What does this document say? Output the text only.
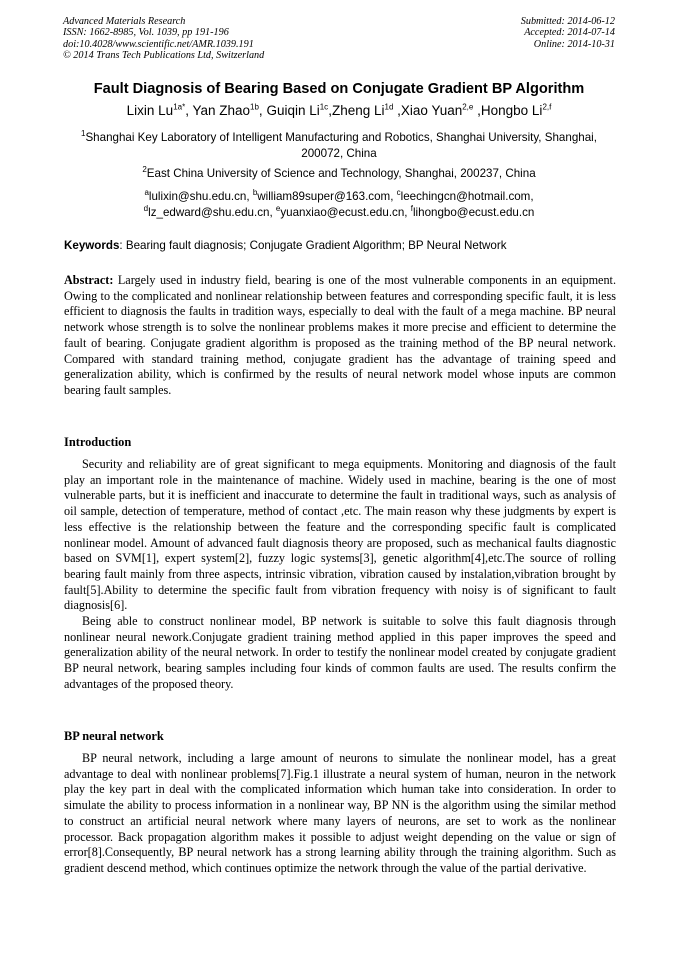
Advanced Materials Research
ISSN: 1662-8985, Vol. 1039, pp 191-196
doi:10.4028/www.scientific.net/AMR.1039.191
© 2014 Trans Tech Publications Ltd, Switzerland
Submitted: 2014-06-12
Accepted: 2014-07-14
Online: 2014-10-31
Fault Diagnosis of Bearing Based on Conjugate Gradient BP Algorithm
Lixin $Lu^{1a*}$, Yan Zhao$^{1b}$, Guiqin $Li^{1c},Zheng$ $Li^{1d}$ ,Xiao Yuan$^{2,e}$ ,Hongbo Li$^{2,f}$
$^1$Shanghai Key Laboratory of Intelligent Manufacturing and Robotics, Shanghai University, Shanghai, 200072, China
$^2$East China University of Science and Technology, Shanghai, 200237, China
$^a$lulixin@shu.edu.cn, $^b$william89super@163.com, $^c$leechingcn@hotmail.com,
$^d$lz_edward@shu.edu.cn, $^e$yuanxiao@ecust.edu.cn, $^f$lihongbo@ecust.edu.cn
Keywords: Bearing fault diagnosis; Conjugate Gradient Algorithm; BP Neural Network
Abstract: Largely used in industry field, bearing is one of the most vulnerable components in an equipment. Owing to the complicated and nonlinear relationship between features and corresponding specific fault, it is less efficient to diagnosis the faults in tradition ways, especially to deal with the fault of a mega machine. BP neural network whose strength is to solve the nonlinear problems makes it more precise and efficient to determine the fault of bearing. Conjugate gradient algorithm is proposed as the training method of the BP neural network. Compared with standard training method, conjugate gradient has the advantage of training speed and generalization ability, which is confirmed by the results of neural network model whose inputs are common bearing fault samples.
Introduction

Security and reliability are of great significant to mega equipments. Monitoring and diagnosis of the fault play an important role in the maintenance of machine. Widely used in machine, bearing is the one of most vulnerable parts, but it is inefficient and inaccurate to determine the fault in traditional ways, such as analysis of oil sample, detection of temperature, method of contact ,etc. The main reason why these judgments by expert is less effective is the relationship between the feature and the corresponding specific fault is complicated nonlinear model. Amount of advanced fault diagnosis theory are proposed, such as mechanical faults diagnostic based on SVM[1], expert system[2], fuzzy logic systems[3], genetic algorithm[4],etc.The source of rolling bearing fault mainly from three aspects, intrinsic vibration, vibration caused by instalation,vibration brought by fault[5].Ability to determine the specific fault from vibration frequency with noisy is of significant to fault diagnosis[6].

Being able to construct nonlinear model, BP network is suitable to solve this fault diagnosis through nonlinear neural nework.Conjugate gradient training method applied in this paper improves the speed and generalization ability of the neural network. In order to testify the nonlinear model created by conjugate gradient BP neural network, bearing samples including four kinds of common faults are used. The results confirm the advantages of the proposed theory.

BP neural network

BP neural network, including a large amount of neurons to simulate the nonlinear model, has a great advantage to deal with nonlinear problems[7].Fig.1 illustrate a neural system of human, neuron in the network play the key part in deal with the complicated information which human take into consideration. In order to simulate the ability to process information in a nonlinear way, BP NN is the algorithm using the similar method to construct an artificial neural network where many layers of neurons, are set to work as the nonlinear processor. Back propagation algorithm makes it possible to adjust weight depending on the value or sign of error[8].Consequently, BP neural network has a strong learning ability through the training algorithm. Such as gradient descend method, which continues optimize the network through the value of the partial derivative.
